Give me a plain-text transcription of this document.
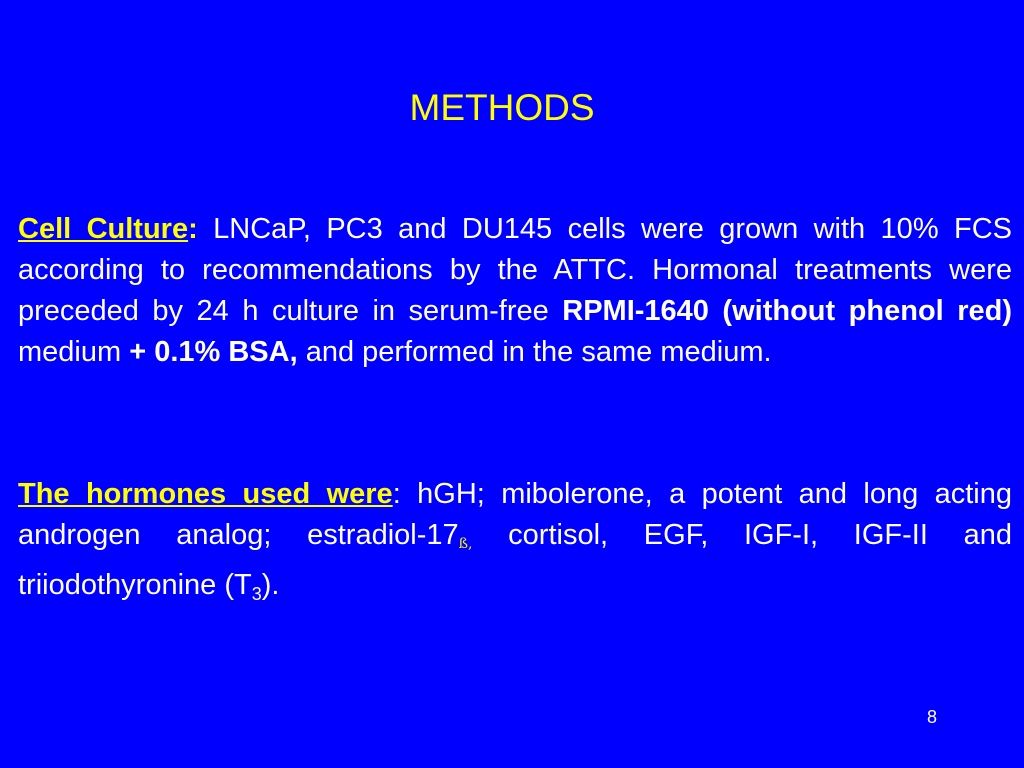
METHODS

Cell Culture: LNCaP, PC3 and DU145 cells were grown with 10% FCS according to recommendations by the ATTC. Hormonal treatments were preceded by 24 h culture in serum-free RPMI-1640 (without phenol red) medium + 0.1% BSA, and performed in the same medium.

The hormones used were: hGH; mibolerone, a potent and long acting androgen analog; estradiol-17ß, cortisol, EGF, IGF-I, IGF-II and triiodothyronine $(T_3)$.

8
